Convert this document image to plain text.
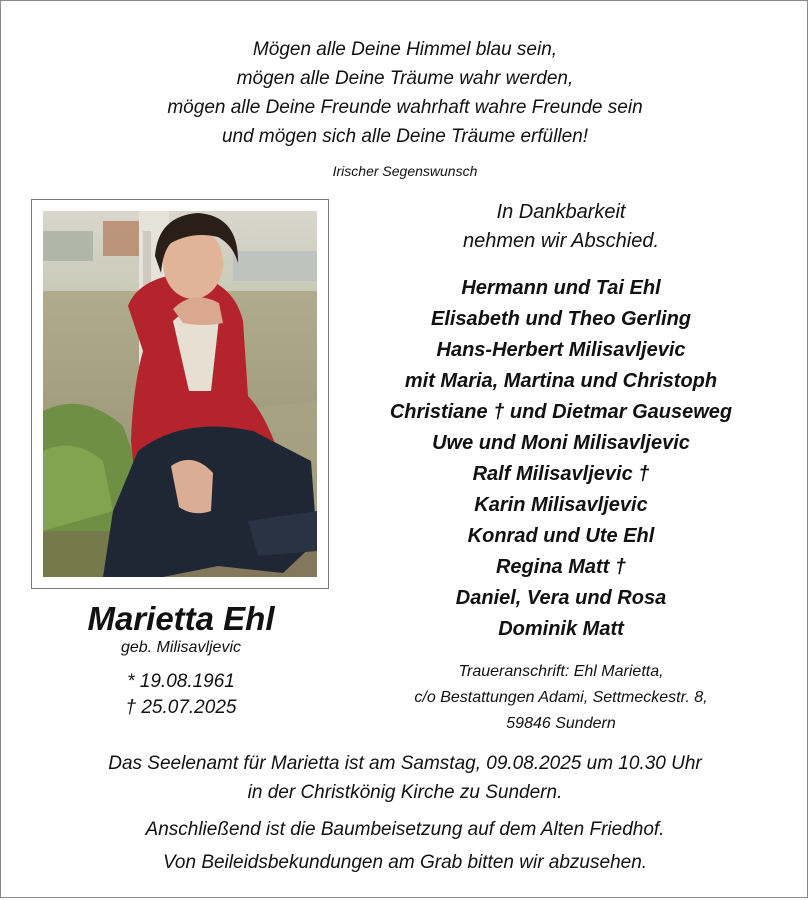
Mögen alle Deine Himmel blau sein,
mögen alle Deine Träume wahr werden,
mögen alle Deine Freunde wahrhaft wahre Freunde sein
und mögen sich alle Deine Träume erfüllen!
Irischer Segenswunsch
Marietta Ehl
geb. Milisavljevic
* 19.08.1961
† 25.07.2025
In Dankbarkeit
nehmen wir Abschied.
Hermann und Tai Ehl
Elisabeth und Theo Gerling
Hans-Herbert Milisavljevic
mit Maria, Martina und Christoph
Christiane † und Dietmar Gauseweg
Uwe und Moni Milisavljevic
Ralf Milisavljevic †
Karin Milisavljevic
Konrad und Ute Ehl
Regina Matt †
Daniel, Vera und Rosa
Dominik Matt
Traueranschrift: Ehl Marietta,
c/o Bestattungen Adami, Settmeckestr. 8,
59846 Sundern
Das Seelenamt für Marietta ist am Samstag, 09.08.2025 um 10.30 Uhr
in der Christkönig Kirche zu Sundern.
Anschließend ist die Baumbeisetzung auf dem Alten Friedhof.
Von Beileidsbekundungen am Grab bitten wir abzusehen.
